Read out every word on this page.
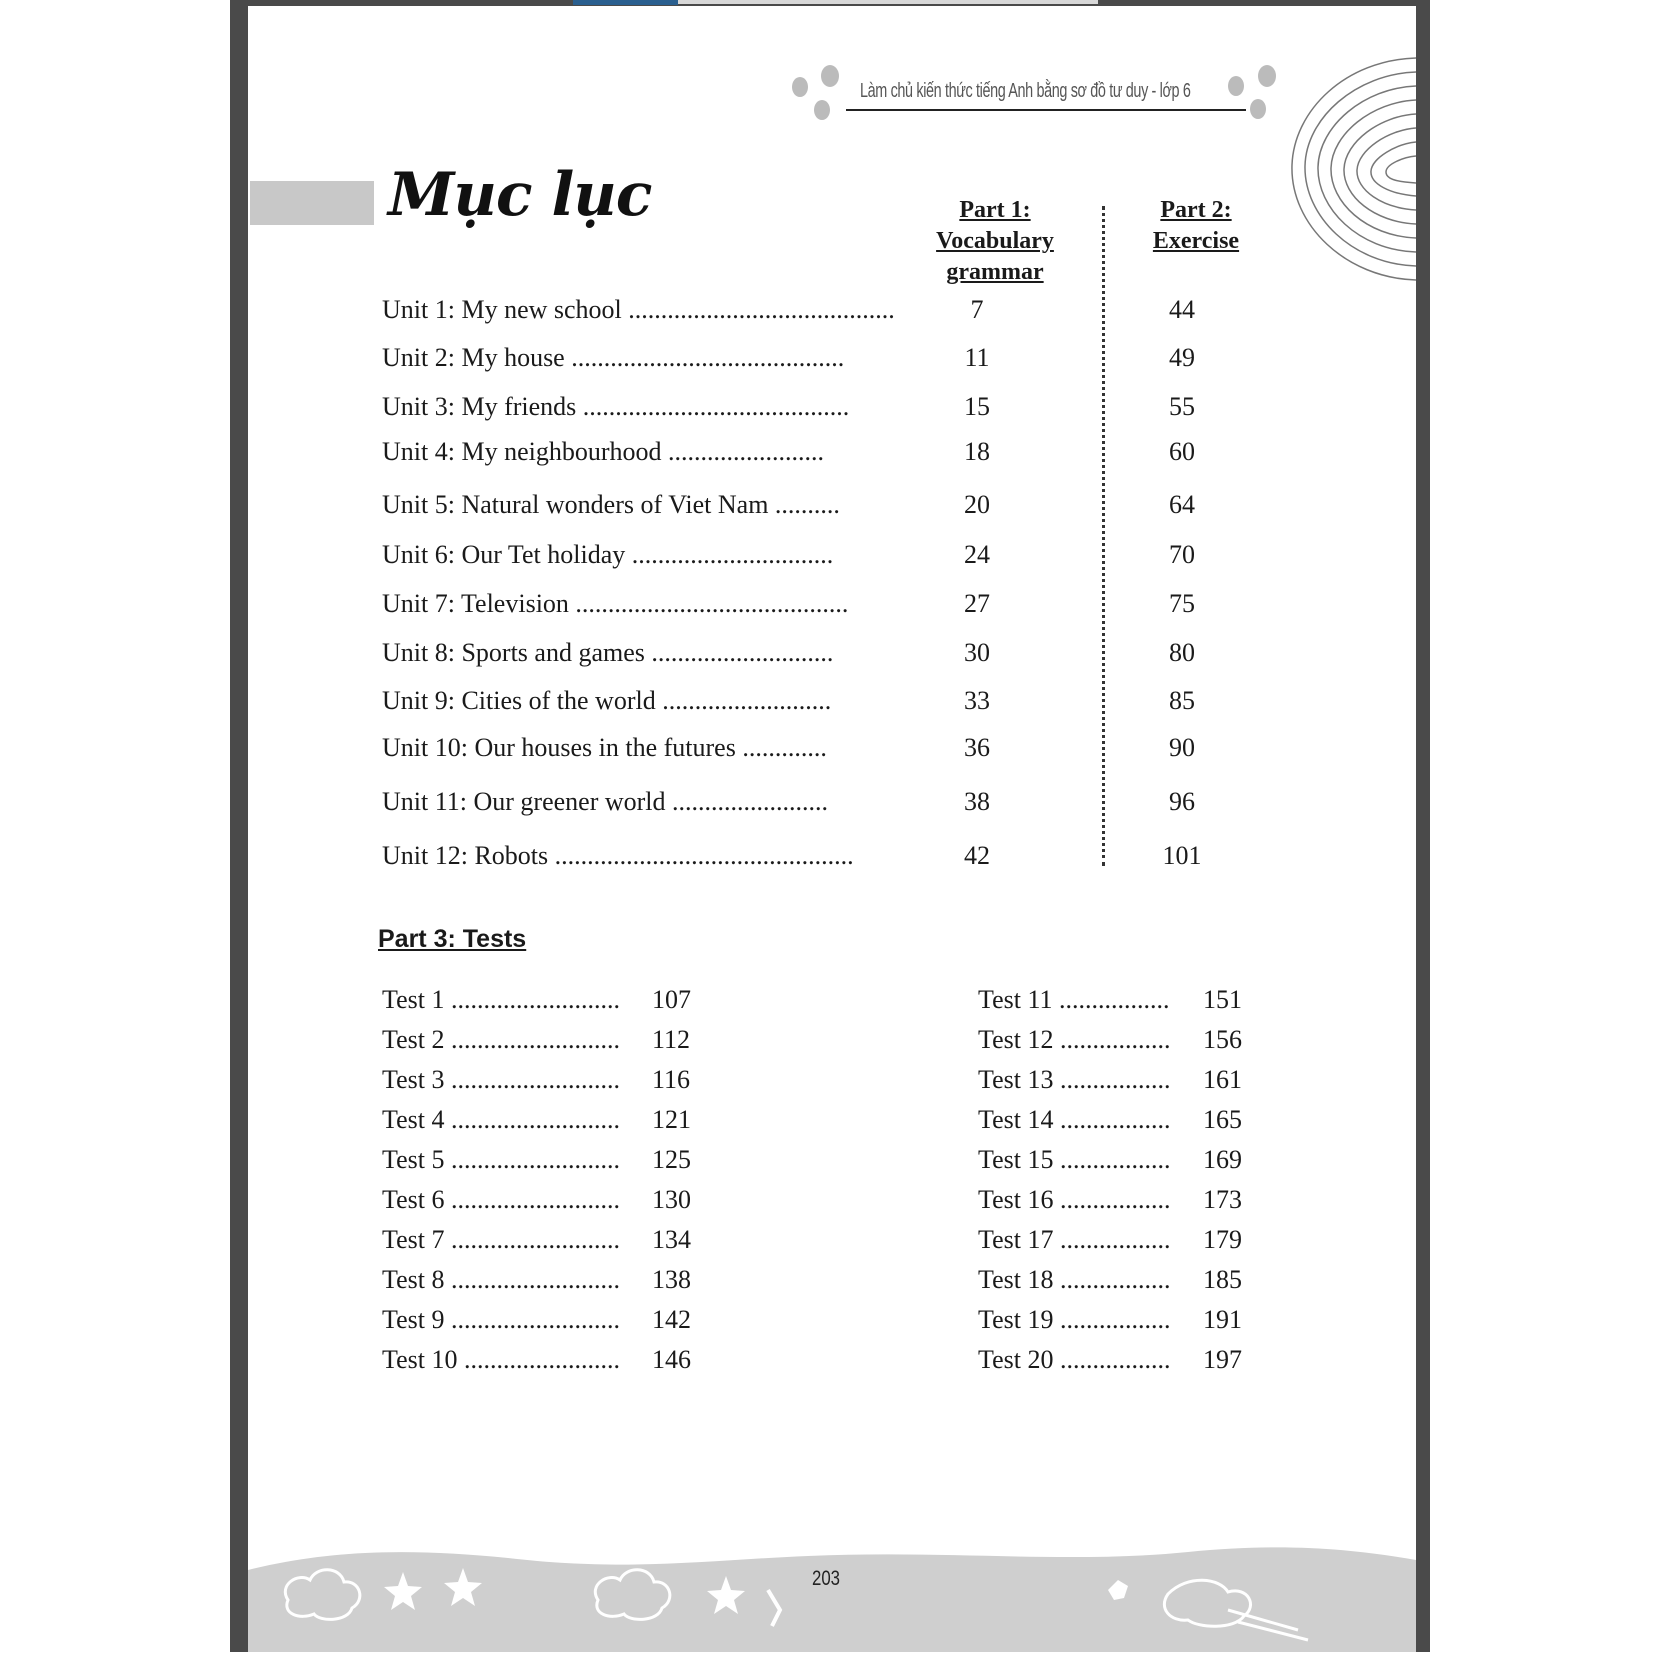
Làm chủ kiến thức tiếng Anh bằng sơ đồ tư duy - lớp 6
Mục lục	Part 1:
Vocabulary
grammar
Part 2:
Exercise
Unit 1: My new school .........................................	7	44
Unit 2: My house ..........................................	11	49
Unit 3: My friends .........................................	15	55
Unit 4: My neighbourhood ........................	18	60
Unit 5: Natural wonders of Viet Nam ..........	20	64
Unit 6: Our Tet holiday ...............................	24	70
Unit 7: Television ..........................................	27	75
Unit 8: Sports and games ............................	30	80
Unit 9: Cities of the world ..........................	33	85
Unit 10: Our houses in the futures .............	36	90
Unit 11: Our greener world ........................	38	96
Unit 12: Robots ..............................................	42	101
Part 3: Tests
Test 1 .......................... 107
Test 2 .......................... 112
Test 3 .......................... 116
Test 4 .......................... 121
Test 5 .......................... 125
Test 6 .......................... 130
Test 7 .......................... 134
Test 8 .......................... 138
Test 9 .......................... 142
Test 10 ........................ 146
Test 11 ................. 151
Test 12 ................. 156
Test 13 ................. 161
Test 14 ................. 165
Test 15 ................. 169
Test 16 ................. 173
Test 17 ................. 179
Test 18 ................. 185
Test 19 ................. 191
Test 20 ................. 197
203
